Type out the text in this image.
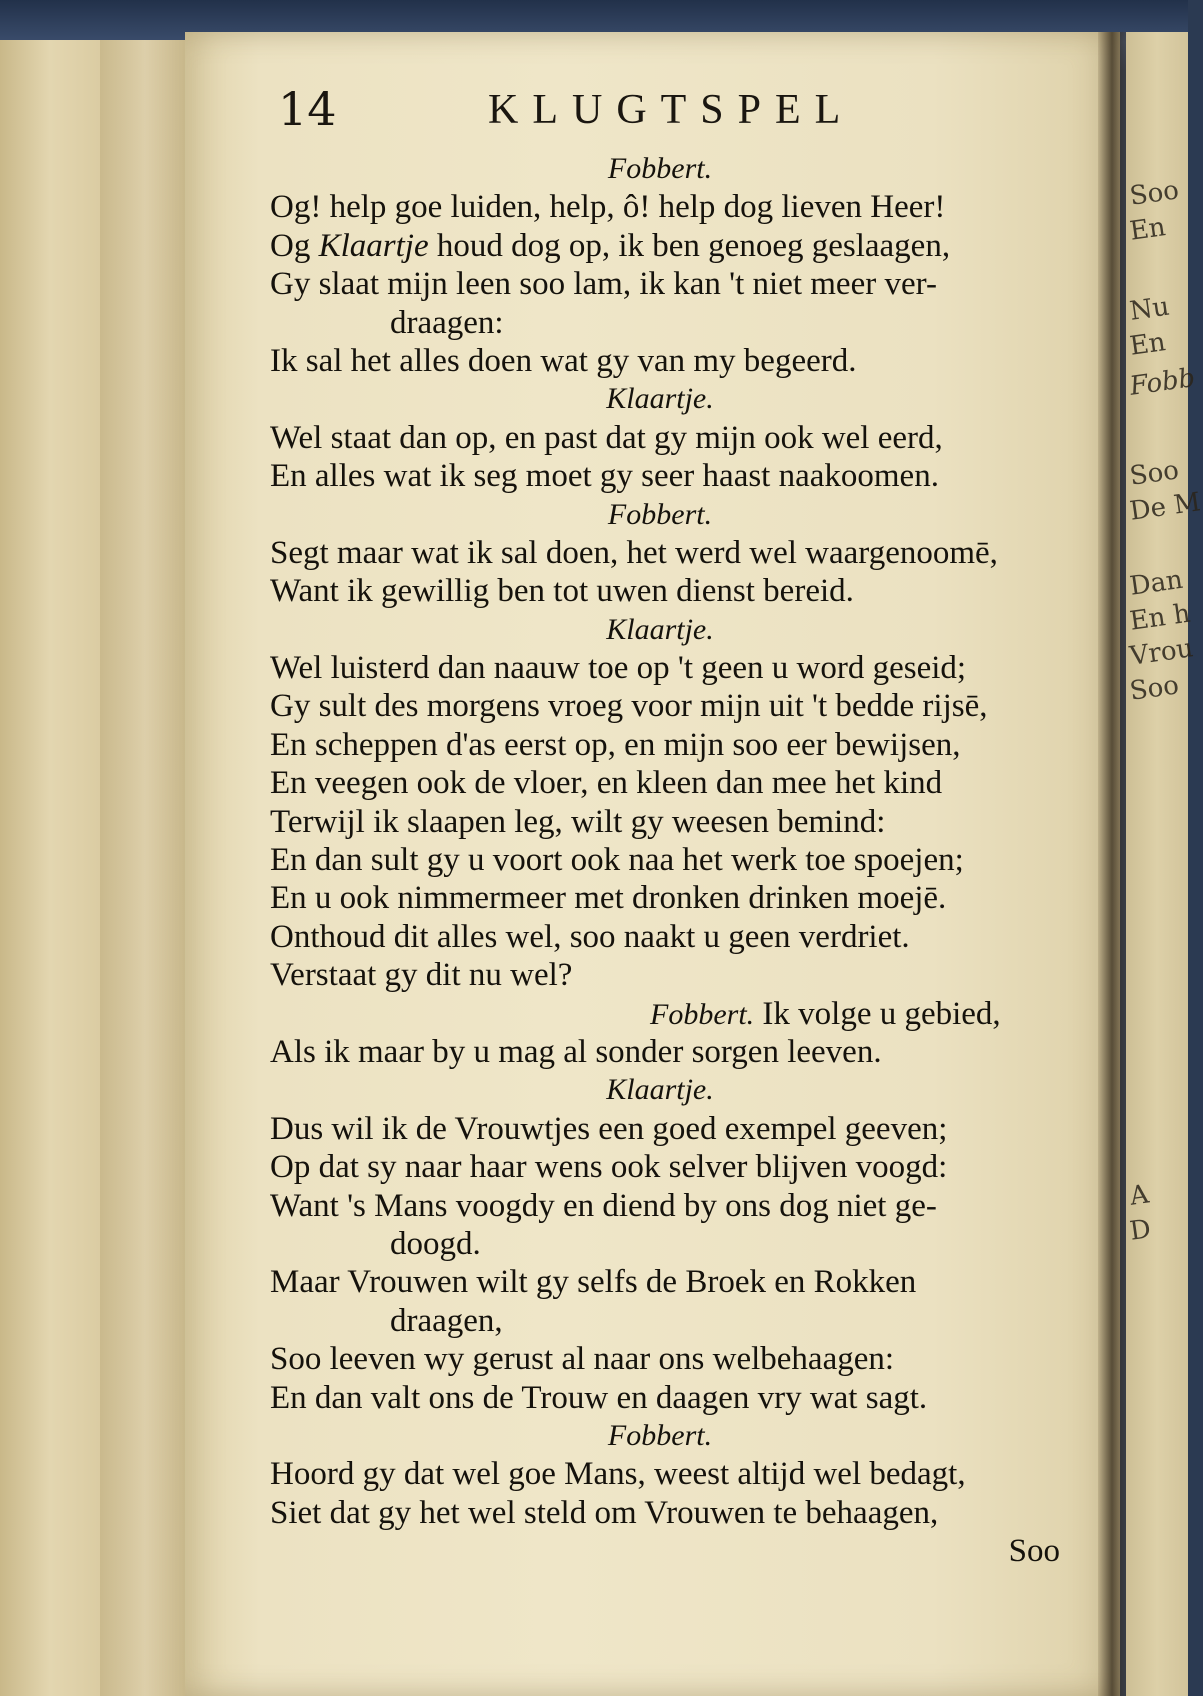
Soo
En
Nu
En
Fobb
Soo
De M
Dan
En h
Vrou
Soo
A
D
14	KLUGTSPEL
Fobbert.
Og! help goe luiden, help, ô! help dog lieven Heer!
Og Klaartje houd dog op, ik ben genoeg geslaagen,
Gy slaat mijn leen soo lam, ik kan 't niet meer ver-
draagen:
Ik sal het alles doen wat gy van my begeerd.
Klaartje.
Wel staat dan op, en past dat gy mijn ook wel eerd,
En alles wat ik seg moet gy seer haast naakoomen.
Fobbert.
Segt maar wat ik sal doen, het werd wel waargenoomē,
Want ik gewillig ben tot uwen dienst bereid.
Klaartje.
Wel luisterd dan naauw toe op 't geen u word geseid;
Gy sult des morgens vroeg voor mijn uit 't bedde rijsē,
En scheppen d'as eerst op, en mijn soo eer bewijsen,
En veegen ook de vloer, en kleen dan mee het kind
Terwijl ik slaapen leg, wilt gy weesen bemind:
En dan sult gy u voort ook naa het werk toe spoejen;
En u ook nimmermeer met dronken drinken moejē.
Onthoud dit alles wel, soo naakt u geen verdriet.
Verstaat gy dit nu wel?
Fobbert. Ik volge u gebied,
Als ik maar by u mag al sonder sorgen leeven.
Klaartje.
Dus wil ik de Vrouwtjes een goed exempel geeven;
Op dat sy naar haar wens ook selver blijven voogd:
Want 's Mans voogdy en diend by ons dog niet ge-
doogd.
Maar Vrouwen wilt gy selfs de Broek en Rokken
draagen,
Soo leeven wy gerust al naar ons welbehaagen:
En dan valt ons de Trouw en daagen vry wat sagt.
Fobbert.
Hoord gy dat wel goe Mans, weest altijd wel bedagt,
Siet dat gy het wel steld om Vrouwen te behaagen,
Soo
